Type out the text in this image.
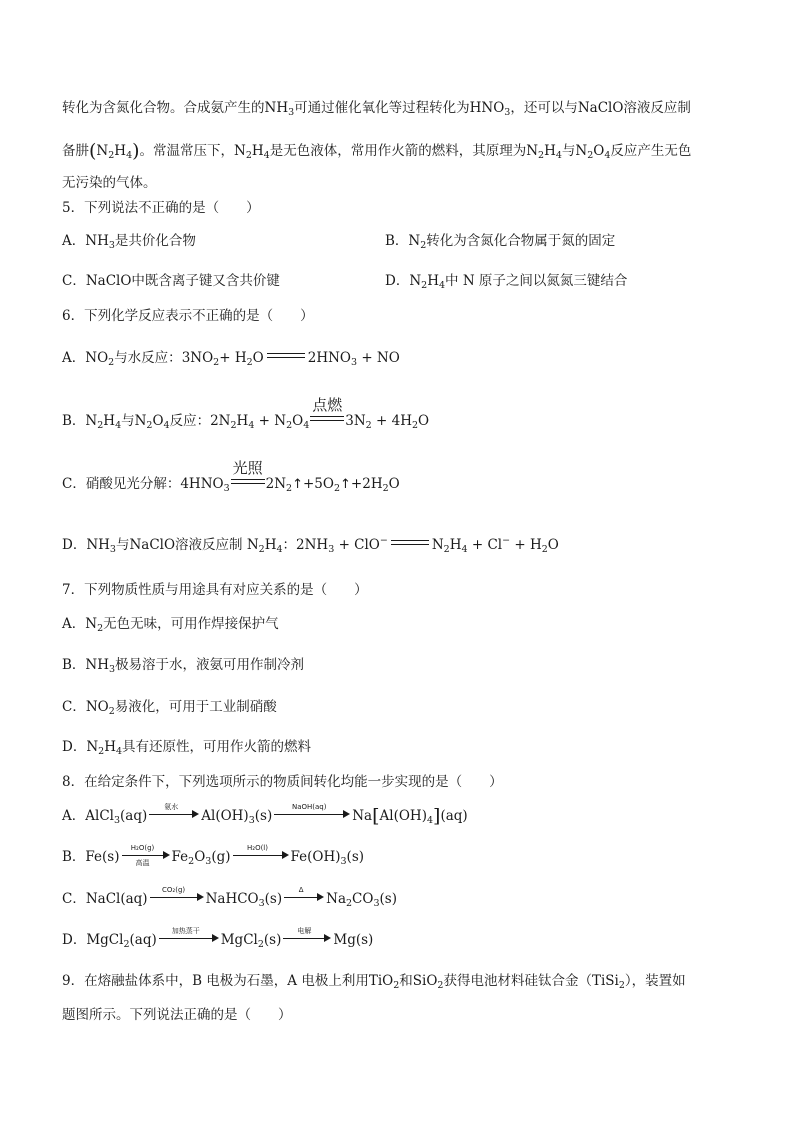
转化为含氮化合物。合成氨产生的$NH_3$可通过催化氧化等过程转化为$HNO_3$，还可以与NaClO溶液反应制
备肼$(N_2H_4)$。常温常压下，$N_2H_4$是无色液体，常用作火箭的燃料，其原理为$N_2H_4$与$N_2O_4$反应产生无色
无污染的气体。
5．下列说法不正确的是（　　）
A．$NH_3$是共价化合物	B．$N_2$转化为含氮化合物属于氮的固定
C．NaClO中既含离子键又含共价键	D．$N_2H_4$中 N 原子之间以氮氮三键结合
6．下列化学反应表示不正确的是（　　）
A．$NO_2$与水反应：$3NO_2+ H_2O$	$2HNO_3$ + NO
B．$N_2H_4$与$N_2O_4$反应：$2N_2H_4 + N_2O_4$
点燃
$3N_2 + 4H_2O$
C．硝酸见光分解：$4HNO_3$
光照
$2N_2↑+5O_2↑+2H_2O$
D．$NH_3$与NaClO溶液反应制 $N_2H_4$：$2NH_3 + ClO^-$	$N_2H_4 + Cl^- + H_2O$
7．下列物质性质与用途具有对应关系的是（　　）
A．$N_2$无色无味，可用作焊接保护气
B．$NH_3$极易溶于水，液氨可用作制冷剂
C．$NO_2$易液化，可用于工业制硝酸
D．$N_2H_4$具有还原性，可用作火箭的燃料
8．在给定条件下，下列选项所示的物质间转化均能一步实现的是（　　）
A．AlCl$_3$(aq)
氨水
$Al(OH)_3(s)$
NaOH(aq)
$Na[Al(OH)_4](aq)$
B．Fe(s)
H₂O(g)
高温	$Fe_2O_3(g)$
H₂O(l)
$Fe(OH)_3(s)$
C．NaCl(aq)
CO₂(g)
NaHCO$_3$(s)
Δ
$Na_2CO_3(s)$
D．MgCl$_2$(aq)
加热蒸干
MgCl$_2$(s)
电解
Mg(s)
9．在熔融盐体系中，B 电极为石墨，A 电极上利用TiO$_2$和SiO$_2$获得电池材料硅钛合金（TiSi$_2$），装置如
题图所示。下列说法正确的是（　　）
